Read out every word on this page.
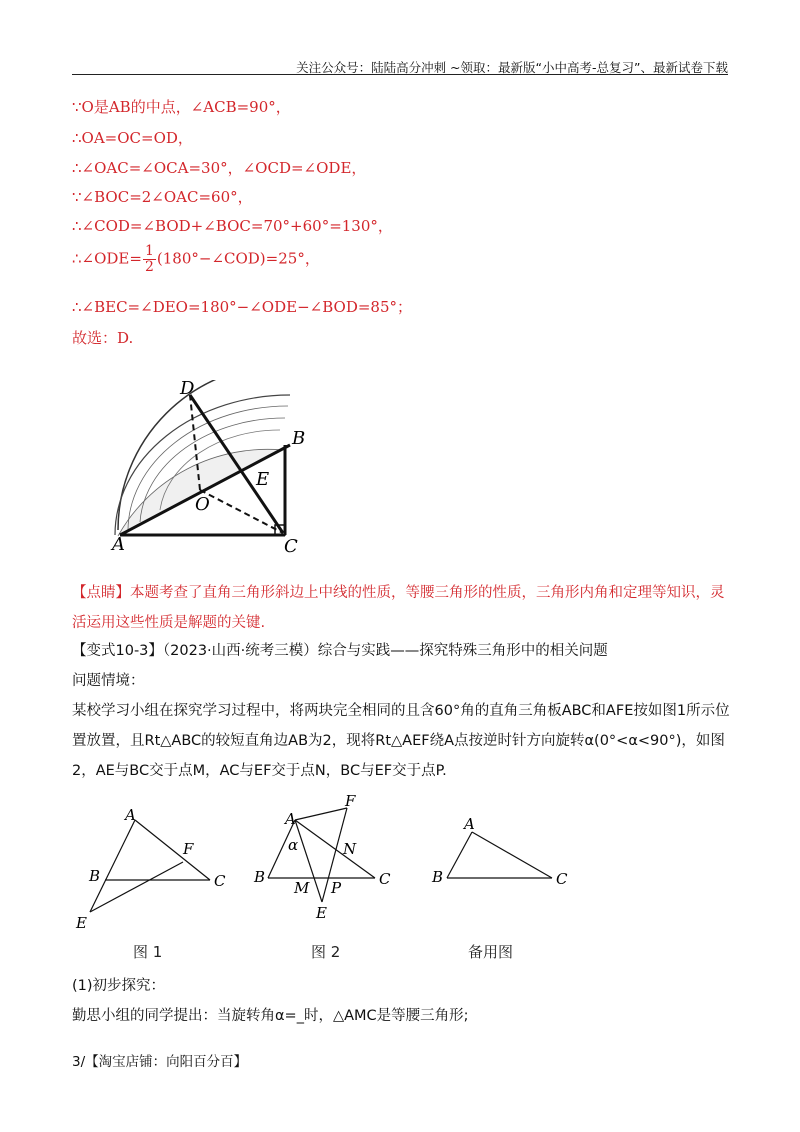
关注公众号：陆陆高分冲刺 ~领取：最新版“小中高考-总复习”、最新试卷下载
∵O是AB的中点，∠ACB=90°，
∴OA=OC=OD，
∴∠OAC=∠OCA=30°，∠OCD=∠ODE，
∵∠BOC=2∠OAC=60°，
∴∠COD=∠BOD+∠BOC=70°+60°=130°，
∴∠ODE= $\frac{1}{2}$ (180°−∠COD)=25°，
∴∠BEC=∠DEO=180°−∠ODE−∠BOD=85°；
故选：D.
D
B
E
O
A	C
【点睛】本题考查了直角三角形斜边上中线的性质，等腰三角形的性质，三角形内角和定理等知识，灵活运用这些性质是解题的关键.
【变式10-3】（2023·山西·统考三模）综合与实践——探究特殊三角形中的相关问题
问题情境：
某校学习小组在探究学习过程中，将两块完全相同的且含60°角的直角三角板ABC和AFE按如图1所示位置放置，且Rt△ABC的较短直角边AB为2，现将Rt△AEF绕A点按逆时针方向旋转α(0°<α<90°)，如图2，AE与BC交于点M，AC与EF交于点N，BC与EF交于点P.
A
F
B	C
E
F
A
α	N
B
M P	C
E
A
B	C
图 1	图 2	备用图
(1)初步探究：
勤思小组的同学提出：当旋转角α=_时，△AMC是等腰三角形;
3/【淘宝店铺：向阳百分百】
